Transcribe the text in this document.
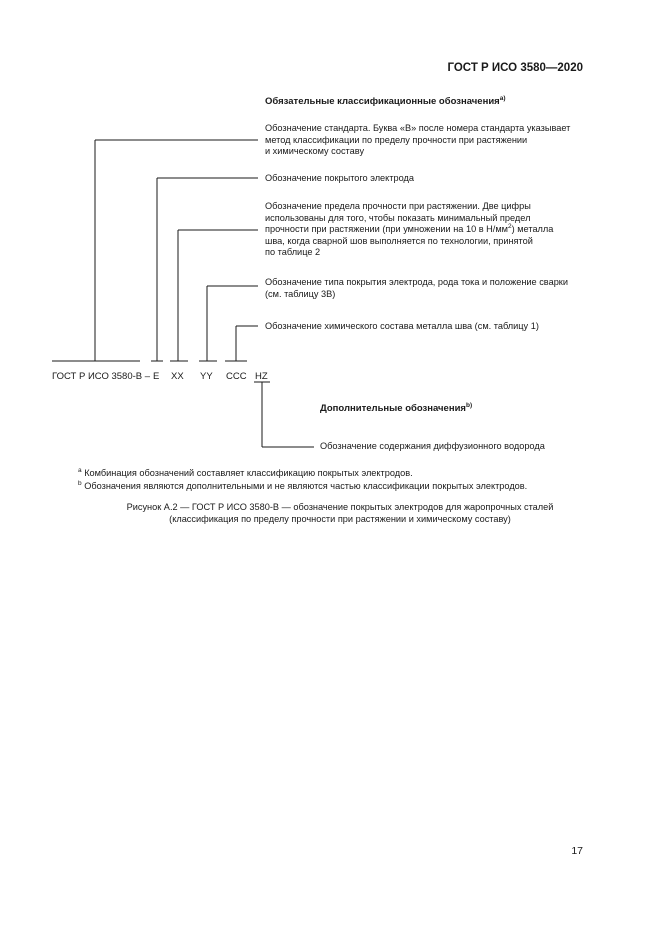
ГОСТ Р ИСО 3580—2020
Обязательные классификационные обозначения$^{a)}$
Обозначение стандарта. Буква «B» после номера стандарта указывает
метод классификации по пределу прочности при растяжении
и химическому составу
Обозначение покрытого электрода
Обозначение предела прочности при растяжении. Две цифры
использованы для того, чтобы показать минимальный предел
прочности при растяжении (при умножении на 10 в $Н/мм^2$) металла
шва, когда сварной шов выполняется по технологии, принятой
по таблице 2
Обозначение типа покрытия электрода, рода тока и положение сварки
(см. таблицу 3B)
Обозначение химического состава металла шва (см. таблицу 1)
ГОСТ Р ИСО 3580-B – E XX YY CCC HZ
Дополнительные обозначения$^{b)}$
Обозначение содержания диффузионного водорода
$^a$ Комбинация обозначений составляет классификацию покрытых электродов.
$^b$ Обозначения являются дополнительными и не являются частью классификации покрытых электродов.
Рисунок A.2 — ГОСТ Р ИСО 3580-B — обозначение покрытых электродов для жаропрочных сталей
(классификация по пределу прочности при растяжении и химическому составу)
17
